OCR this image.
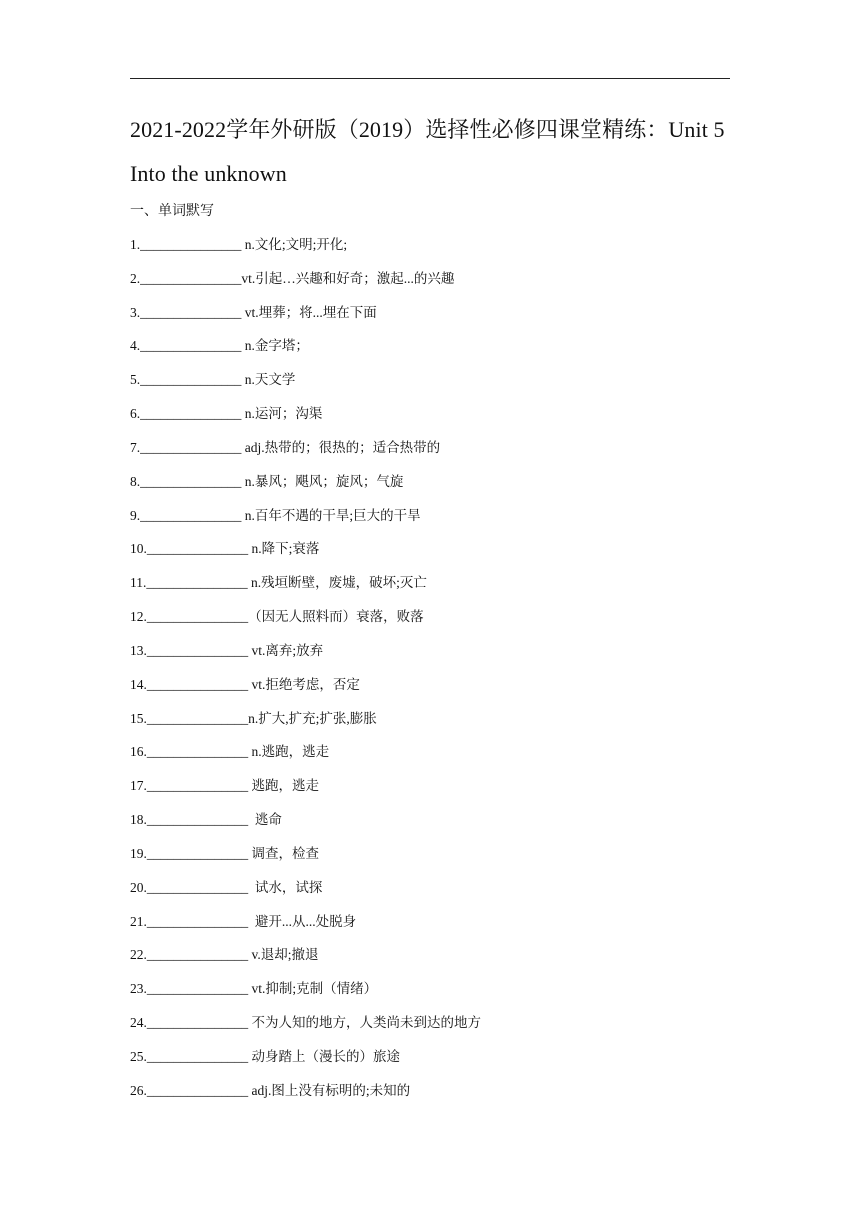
2021-2022学年外研版（2019）选择性必修四课堂精练：Unit 5 Into the unknown
一、单词默写
1._______________ n.文化;文明;开化;
2._______________vt.引起…兴趣和好奇；激起...的兴趣
3._______________ vt.埋葬；将...埋在下面
4._______________ n.金字塔；
5._______________ n.天文学
6._______________ n.运河；沟渠
7._______________ adj.热带的；很热的；适合热带的
8._______________ n.暴风；飓风；旋风；气旋
9._______________ n.百年不遇的干旱;巨大的干旱
10._______________ n.降下;衰落
11._______________ n.残垣断壁，废墟，破坏;灭亡
12._______________（因无人照料而）衰落，败落
13._______________ vt.离弃;放弃
14._______________ vt.拒绝考虑，否定
15._______________n.扩大,扩充;扩张,膨胀
16._______________ n.逃跑，逃走
17._______________ 逃跑，逃走
18._______________  逃命
19._______________ 调查，检查
20._______________  试水，试探
21._______________  避开...从...处脱身
22._______________ v.退却;撤退
23._______________ vt.抑制;克制（情绪）
24._______________ 不为人知的地方，人类尚未到达的地方
25._______________ 动身踏上（漫长的）旅途
26._______________ adj.图上没有标明的;未知的
